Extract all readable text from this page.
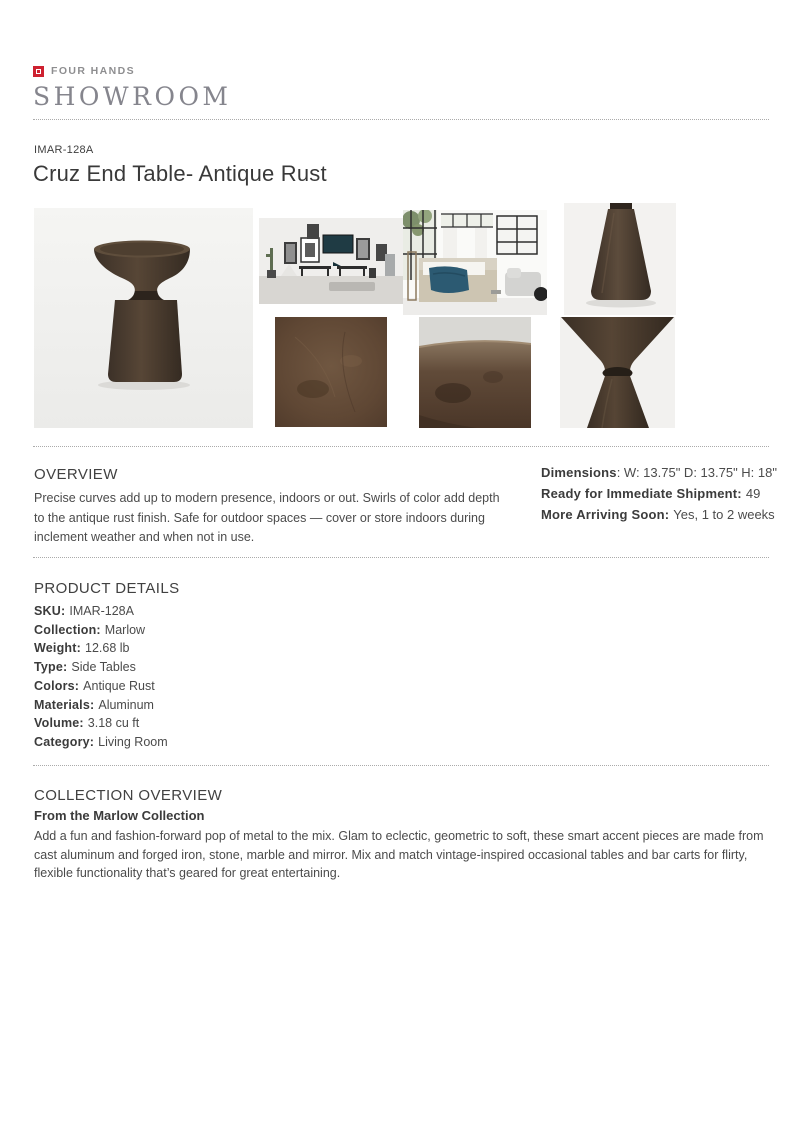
FOUR HANDS
SHOWROOM
IMAR-128A
Cruz End Table- Antique Rust
OVERVIEW
Precise curves add up to modern presence, indoors or out. Swirls of color add depth to the antique rust finish. Safe for outdoor spaces — cover or store indoors during inclement weather and when not in use.
Dimensions: W: 13.75" D: 13.75" H: 18"
Ready for Immediate Shipment: 49
More Arriving Soon: Yes, 1 to 2 weeks
PRODUCT DETAILS
SKU: IMAR-128A
Collection: Marlow
Weight: 12.68 lb
Type: Side Tables
Colors: Antique Rust
Materials: Aluminum
Volume: 3.18 cu ft
Category: Living Room
COLLECTION OVERVIEW
From the Marlow Collection
Add a fun and fashion-forward pop of metal to the mix. Glam to eclectic, geometric to soft, these smart accent pieces are made from cast aluminum and forged iron, stone, marble and mirror. Mix and match vintage-inspired occasional tables and bar carts for flirty, flexible functionality that’s geared for great entertaining.
